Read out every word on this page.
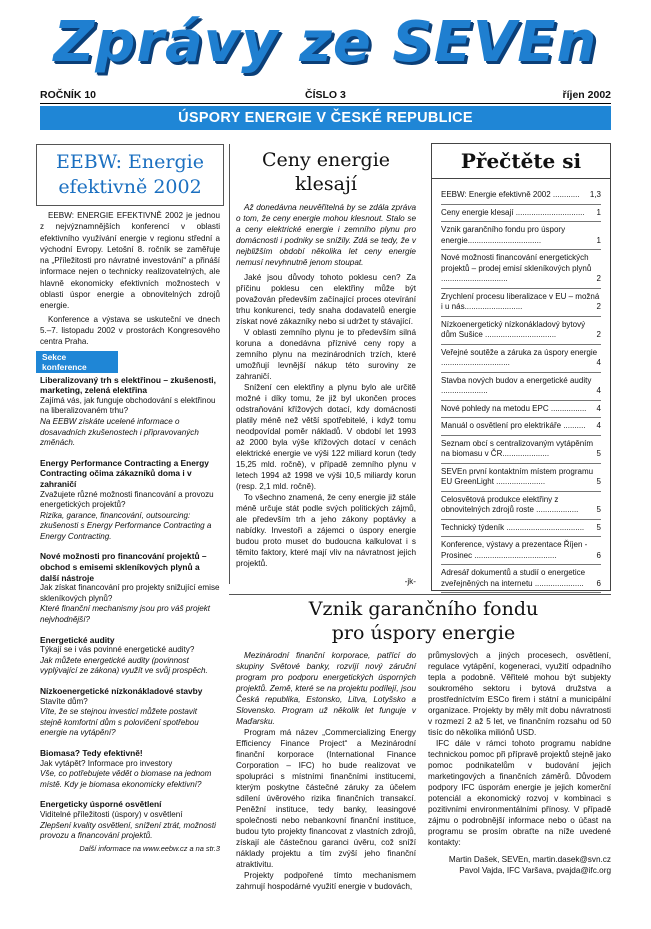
Zprávy ze SEVEn
ROČNÍK 10	ČÍSLO 3	říjen 2002
ÚSPORY ENERGIE V ČESKÉ REPUBLICE
EEBW: Energie
efektivně 2002

EEBW: ENERGIE EFEKTIVNĚ 2002 je jednou z nejvýznamnějších konferencí v oblasti efektivního využívání energie v regionu střední a východní Evropy. Letošní 8. ročník se zaměřuje na „Příležitosti pro návratné investování“ a přináší informace nejen o technicky realizovatelných, ale hlavně ekonomicky efektivních možnostech v oblasti úspor energie a obnovitelných zdrojů energie.

Konference a výstava se uskuteční ve dnech 5.–7. listopadu 2002 v prostorách Kongresového centra Praha.

Sekce konference
Liberalizovaný trh s elektřinou – zkušenosti, marketing, zelená elektřina
Zajímá vás, jak funguje obchodování s elektřinou na liberalizovaném trhu?
Na EEBW získáte ucelené informace o dosavadních zkušenostech i připravovaných změnách.
Energy Performance Contracting a Energy Contracting očima zákazníků doma i v zahraničí
Zvažujete různé možnosti financování a provozu energetických projektů?
Rizika, garance, financování, outsourcing: zkušenosti s Energy Performance Contracting a Energy Contracting.
Nové možnosti pro financování projektů – obchod s emisemi skleníkových plynů a další nástroje
Jak získat financování pro projekty snižující emise skleníkových plynů?
Které finanční mechanismy jsou pro váš projekt nejvhodnější?
Energetické audity
Týkají se i vás povinné energetické audity?
Jak můžete energetické audity (povinnost vyplývající ze zákona) využít ve svůj prospěch.
Nízkoenergetické nízkonákladové stavby
Stavíte dům?
Víte, že se stejnou investicí můžete postavit stejně komfortní dům s polovičení spotřebou energie na vytápění?
Biomasa? Tedy efektivně!
Jak vytápět? Informace pro investory
Vše, co potřebujete vědět o biomase na jednom místě. Kdy je biomasa ekonomicky efektivní?
Energeticky úsporné osvětlení
Viditelné příležitosti (úspory) v osvětlení
Zlepšení kvality osvětlení, snížení ztrát, možnosti provozu a financování projektů.
Další informace na www.eebw.cz a na str.3
Ceny energie
klesají

Až donedávna neuvěřitelná by se zdála zpráva o tom, že ceny energie mohou klesnout. Stalo se a ceny elektrické energie i zemního plynu pro domácnosti i podniky se snížily. Zdá se tedy, že v nejbližším období několika let ceny energie nemusí nevyhnutně jenom stoupat.

Jaké jsou důvody tohoto poklesu cen? Za příčinu poklesu cen elektřiny může být považován především začínající proces otevírání trhu konkurenci, tedy snaha dodavatelů energie získat nové zákazníky nebo si udržet ty stávající.

V oblasti zemního plynu je to především silná koruna a donedávna příznivé ceny ropy a zemního plynu na mezinárodních trzích, které umožňují levnější nákup této suroviny ze zahraničí.

Snížení cen elektřiny a plynu bylo ale určitě možné i díky tomu, že již byl ukončen proces odstraňování křížových dotací, kdy domácnosti platily méně než větší spotřebitelé, i když tomu neodpovídal poměr nákladů. V období let 1993 až 2000 byla výše křížových dotací v cenách elektrické energie ve výši 122 miliard korun (tedy 15,25 mld. ročně), v případě zemního plynu v letech 1994 až 1998 ve výši 10,5 miliardy korun (resp. 2,1 mld. ročně).

To všechno znamená, že ceny energie již stále méně určuje stát podle svých politických zájmů, ale především trh a jeho zákony poptávky a nabídky. Investoři a zájemci o úspory energie budou proto muset do budoucna kalkulovat i s těmito faktory, které mají vliv na návratnost jejich projektů.

-jk-
Přečtěte si
EEBW: Energie efektivně 2002 ............ 1,3
Ceny energie klesají ............................... 1
Vznik garančního fondu pro úspory energie.................................	1
Nové možnosti financování energetických projektů – prodej emisí skleníkových plynů ..............................	2
Zrychlení procesu liberalizace v EU – možná i u nás..........................	2
Nízkoenergetický nízkonákladový bytový dům Sušice ................................	2
Veřejné soutěže a záruka za úspory energie ...............................	4
Stavba nových budov a energetické audity .....................	4
Nové pohledy na metodu EPC ................ 4
Manuál o osvětlení pro elektrikáře .......... 4
Seznam obcí s centralizovaným vytápěním na biomasu v ČR.....................	5
SEVEn první kontaktním místem programu EU GreenLight ......................	5
Celosvětová produkce elektřiny z obnovitelných zdrojů roste ................... 5
Technický týdeník ................................... 5
Konference, výstavy a prezentace Říjen - Prosinec .....................................	6
Adresář dokumentů a studií o energetice zveřejněných na internetu ...................... 6
Vznik garančního fondu
pro úspory energie

Mezinárodní finanční korporace, patřící do skupiny Světové banky, rozvíjí nový záruční program pro podporu energetických úsporných projektů. Země, které se na projektu podílejí, jsou Česká republika, Estonsko, Litva, Lotyšsko a Slovensko. Program už několik let funguje v Maďarsku.

Program má název „Commercializing Energy Efficiency Finance Project“ a Mezinárodní finanční korporace (International Finance Corporation – IFC) ho bude realizovat ve spolupráci s místními finančními institucemi, kterým poskytne částečné záruky za účelem sdílení úvěrového rizika finančních transakcí. Peněžní instituce, tedy banky, leasingové společnosti nebo nebankovní finanční instituce, budou tyto projekty financovat z vlastních zdrojů, získají ale částečnou garanci úvěru, což sníží náklady projektu a tím zvýší jeho finanční atraktivitu.

Projekty podpořené tímto mechanismem zahrnují hospodárné využití energie v budovách,

průmyslových a jiných procesech, osvětlení, regulace vytápění, kogeneraci, využití odpadního tepla a podobně. Věřitelé mohou být subjekty soukromého sektoru i bytová družstva a prostředníctvím ESCo firem i státní a municipální organizace. Projekty by měly mít dobu návratnosti v rozmezí 2 až 5 let, ve finančním rozsahu od 50 tisíc do několika miliónů USD.

IFC dále v rámci tohoto programu nabídne technickou pomoc při přípravě projektů stejně jako pomoc podnikatelům v budování jejich marketingových a finančních záměrů. Důvodem podpory IFC úsporám energie je jejich komerční potenciál a ekonomický rozvoj v kombinaci s pozitivními environmentálními přínosy. V případě zájmu o podrobnější informace nebo o účast na programu se prosím obraťte na níže uvedené kontakty:

Martin Dašek, SEVEn, martin.dasek@svn.cz

Pavol Vajda, IFC Varšava, pvajda@ifc.org
